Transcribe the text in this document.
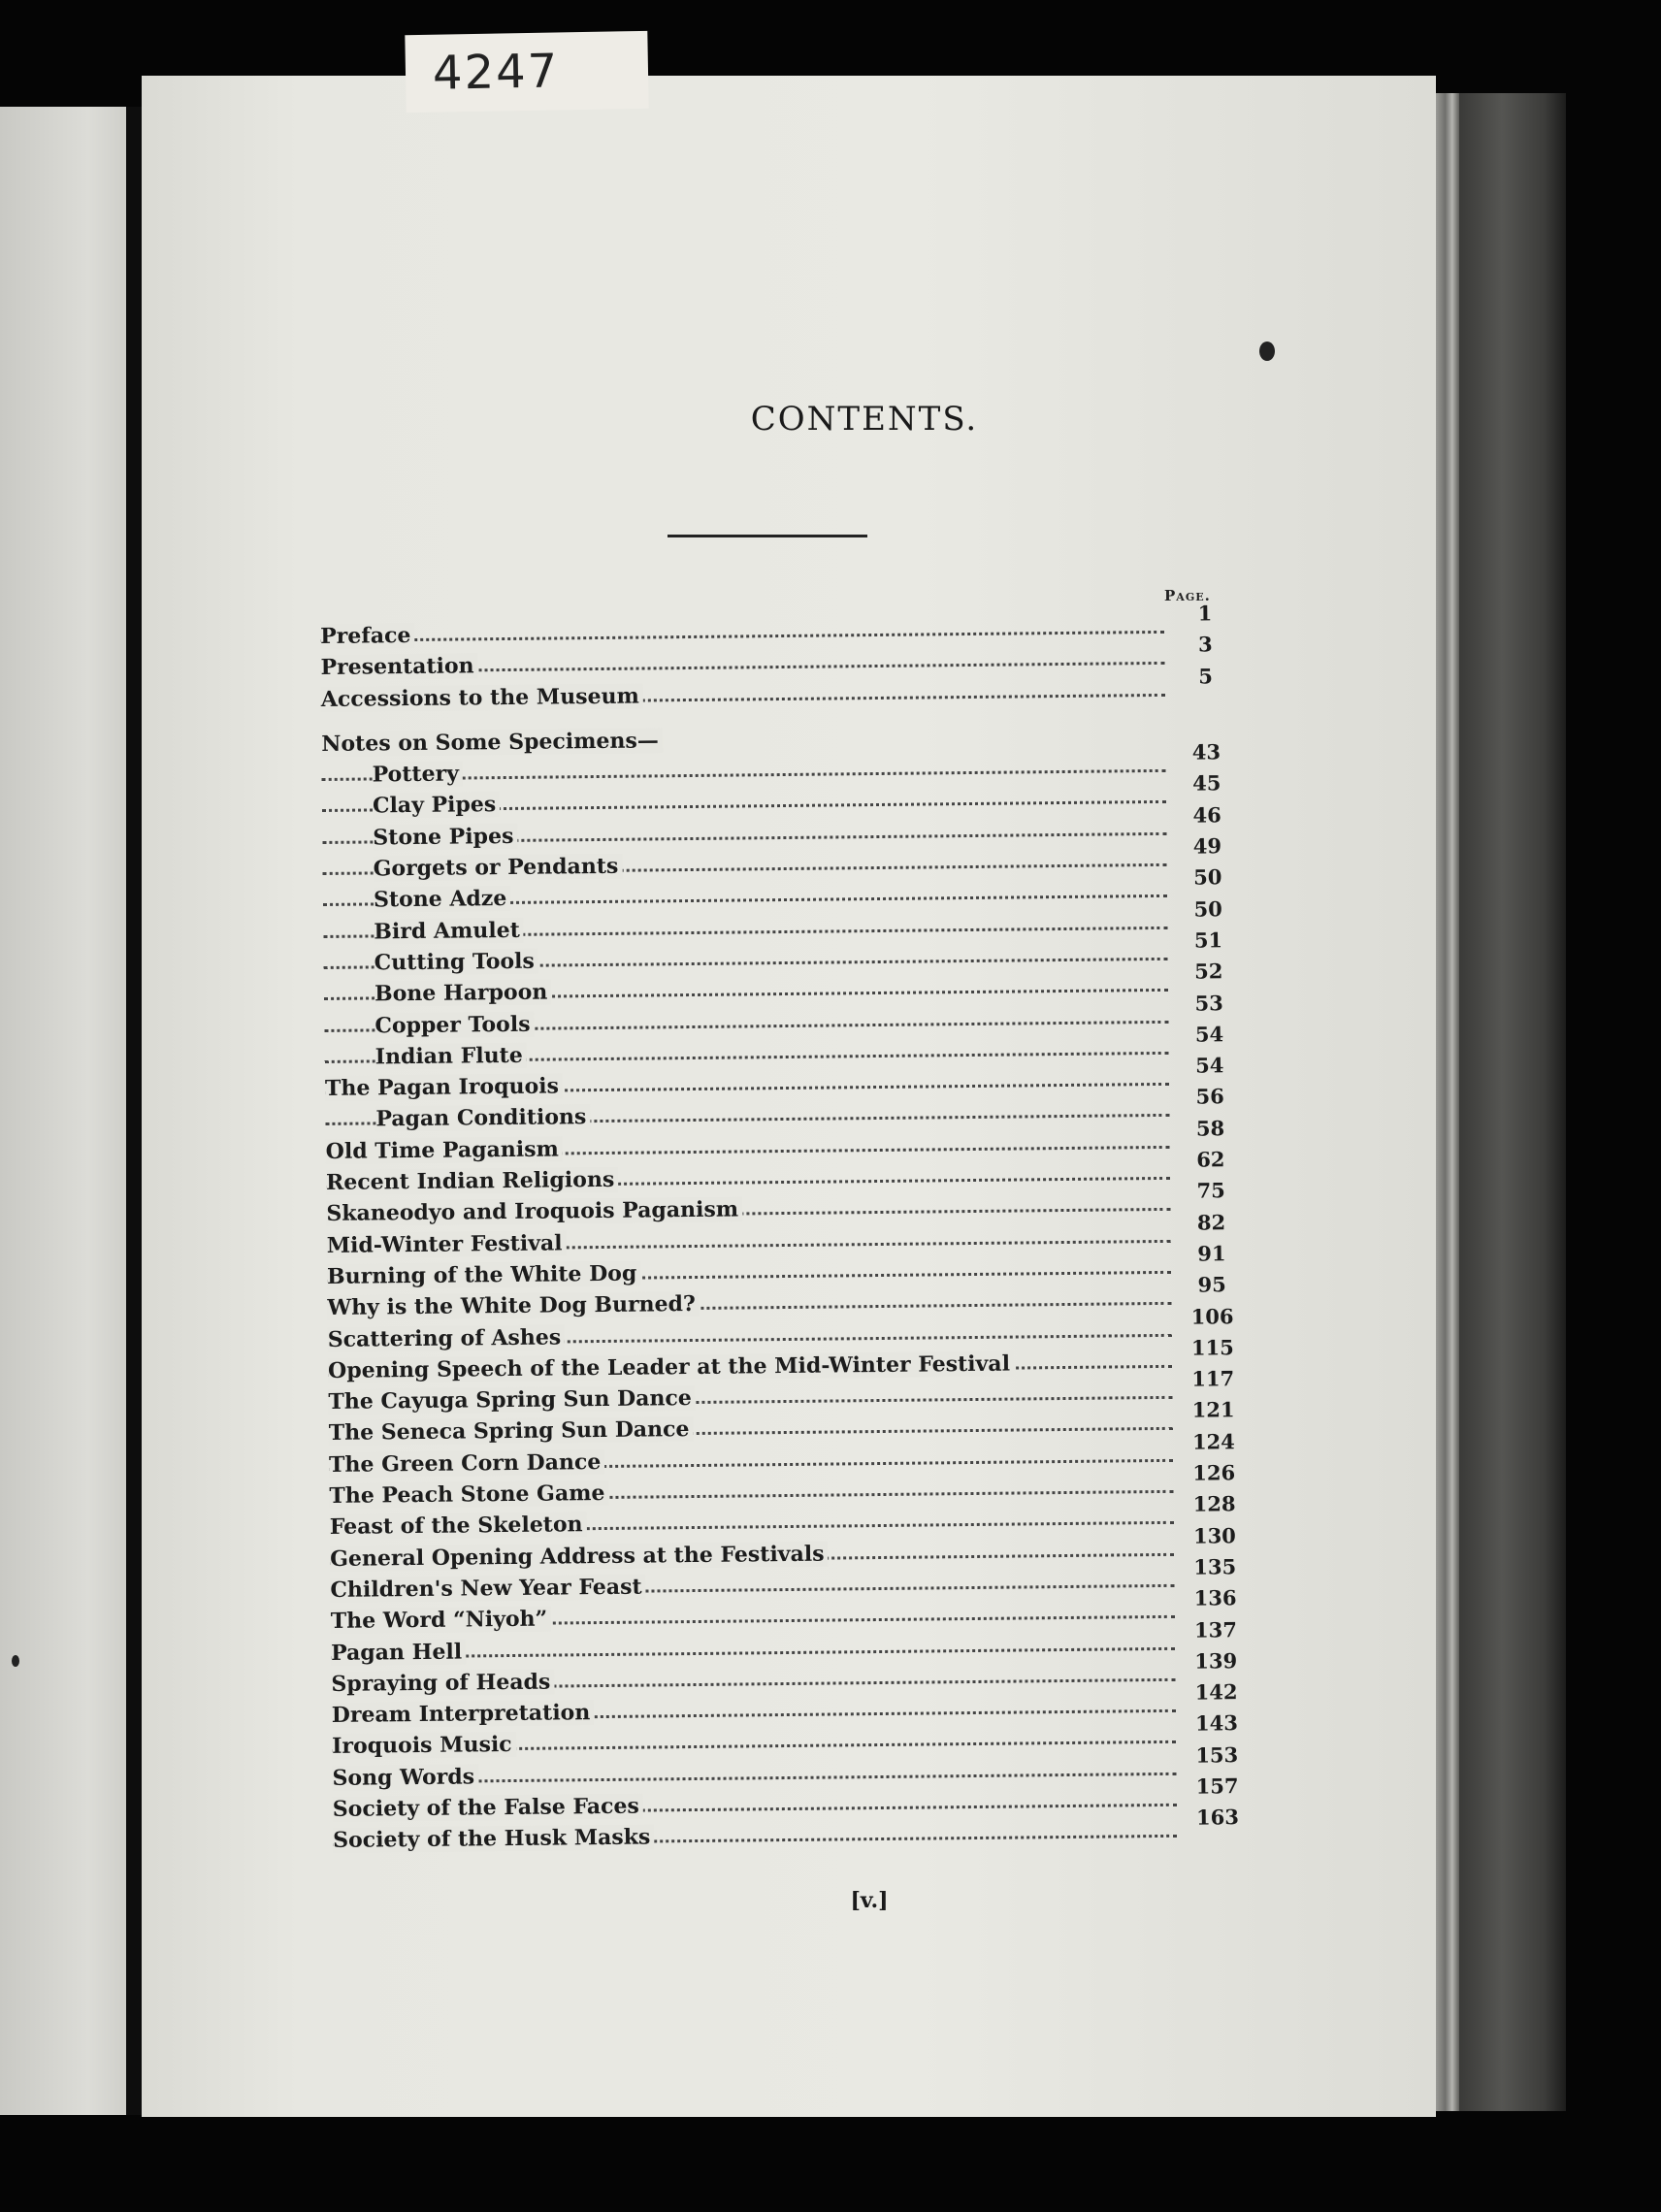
4247
CONTENTS.
Page.
Preface
1
Presentation
3
Accessions to the Museum
5
Notes on Some Specimens—
Pottery
43
Clay Pipes
45
Stone Pipes
46
Gorgets or Pendants
49
Stone Adze
50
Bird Amulet
50
Cutting Tools
51
Bone Harpoon
52
Copper Tools
53
Indian Flute
54
The Pagan Iroquois
54
Pagan Conditions
56
Old Time Paganism
58
Recent Indian Religions
62
Skaneodyo and Iroquois Paganism
75
Mid-Winter Festival
82
Burning of the White Dog
91
Why is the White Dog Burned?
95
Scattering of Ashes
106
Opening Speech of the Leader at the Mid-Winter Festival
115
The Cayuga Spring Sun Dance
117
The Seneca Spring Sun Dance
121
The Green Corn Dance
124
The Peach Stone Game
126
Feast of the Skeleton
128
General Opening Address at the Festivals
130
Children's New Year Feast
135
The Word “Niyoh”
136
Pagan Hell
137
Spraying of Heads
139
Dream Interpretation
142
Iroquois Music
143
Song Words
153
Society of the False Faces
157
Society of the Husk Masks
163
[v.]
